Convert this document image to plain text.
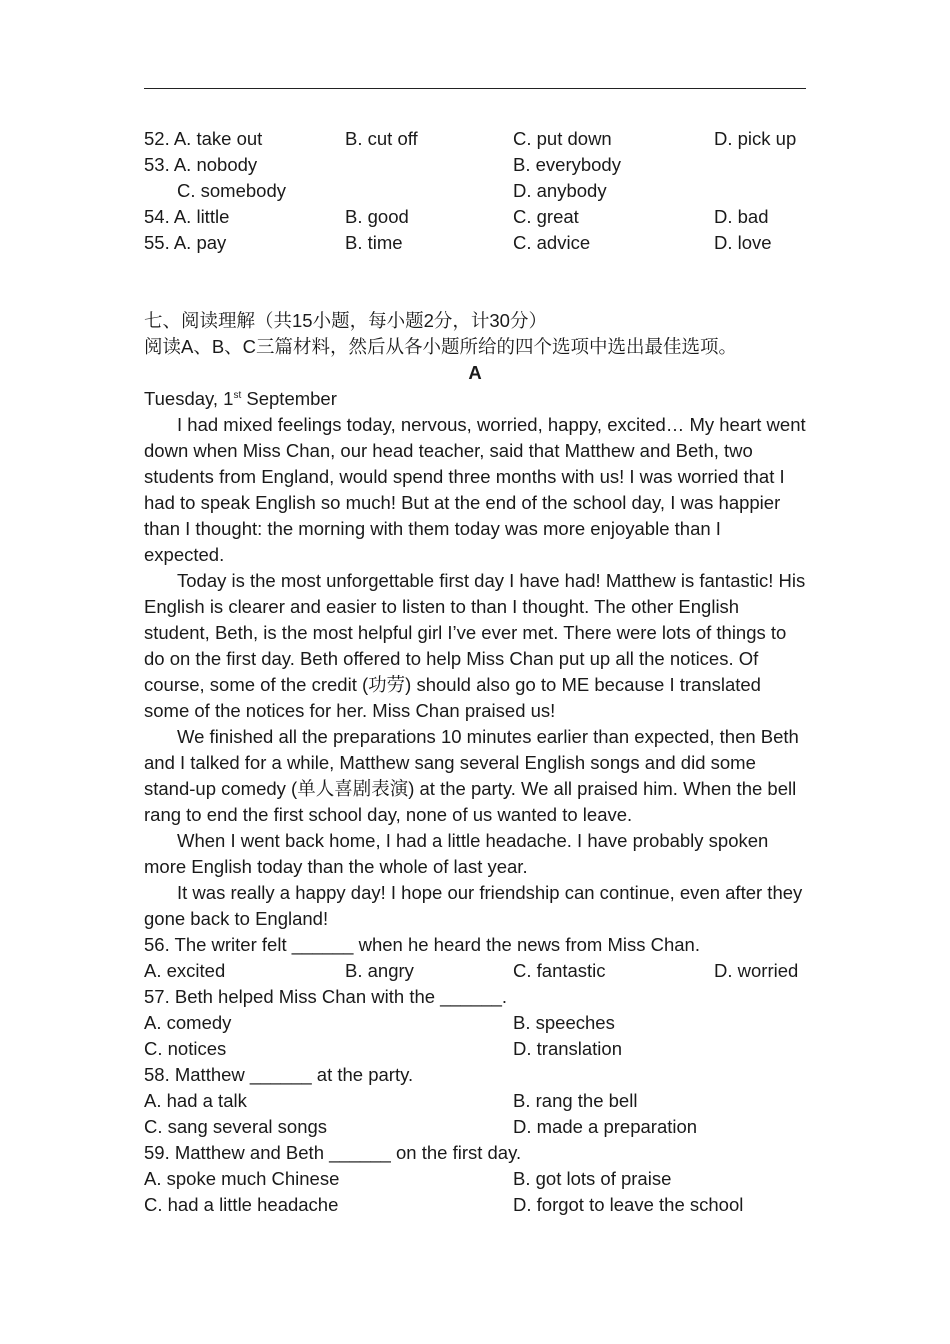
52. A. take out	B. cut off	C. put down	D. pick up
53. A. nobody	B. everybody
C. somebody	D. anybody
54. A. little	B. good	C. great	D. bad
55. A. pay	B. time	C. advice	D. love
七、阅读理解（共15小题，每小题2分，计30分）
阅读A、B、C三篇材料，然后从各小题所给的四个选项中选出最佳选项。
A
Tuesday, 1st September
I had mixed feelings today, nervous, worried, happy, excited… My heart went down when Miss Chan, our head teacher, said that Matthew and Beth, two students from England, would spend three months with us! I was worried that I had to speak English so much! But at the end of the school day, I was happier than I thought: the morning with them today was more enjoyable than I expected.
Today is the most unforgettable first day I have had! Matthew is fantastic! His English is clearer and easier to listen to than I thought. The other English student, Beth, is the most helpful girl I’ve ever met. There were lots of things to do on the first day. Beth offered to help Miss Chan put up all the notices. Of course, some of the credit (功劳) should also go to ME because I translated some of the notices for her. Miss Chan praised us!
We finished all the preparations 10 minutes earlier than expected, then Beth and I talked for a while, Matthew sang several English songs and did some stand-up comedy (单人喜剧表演) at the party. We all praised him. When the bell rang to end the first school day, none of us wanted to leave.
When I went back home, I had a little headache. I have probably spoken more English today than the whole of last year.
It was really a happy day! I hope our friendship can continue, even after they gone back to England!
56. The writer felt ______ when he heard the news from Miss Chan.
A. excited	B. angry	C. fantastic	D. worried
57. Beth helped Miss Chan with the ______.
A. comedy	B. speeches
C. notices	D. translation
58. Matthew ______ at the party.
A. had a talk	B. rang the bell
C. sang several songs	D. made a preparation
59. Matthew and Beth ______ on the first day.
A. spoke much Chinese	B. got lots of praise
C. had a little headache	D. forgot to leave the school
